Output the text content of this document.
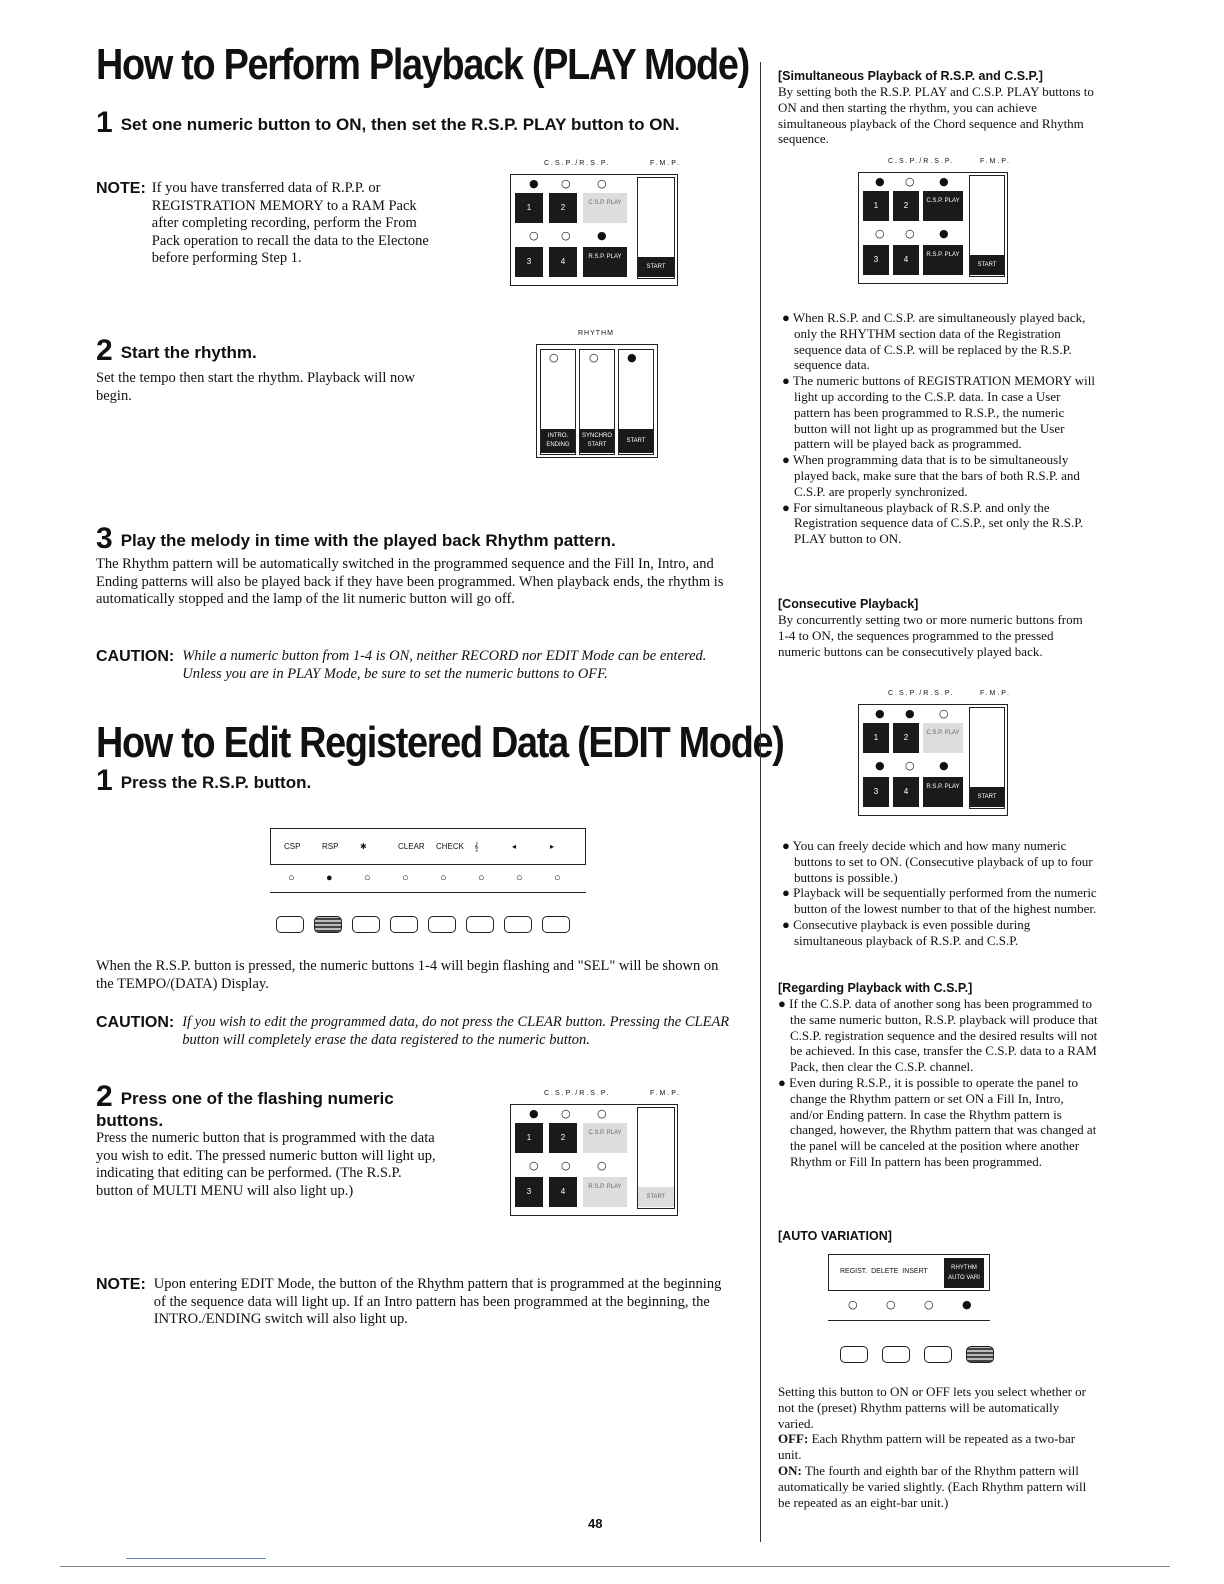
How to Perform Playback (PLAY Mode)
1 Set one numeric button to ON, then set the R.S.P. PLAY button to ON.
NOTE: If you have transferred data of R.P.P. or REGISTRATION MEMORY to a RAM Pack after completing recording, perform the From Pack operation to recall the data to the Electone before performing Step 1.
C.S.P./R.S.P.	F.M.P.
● ○ ○
1	2	C.S.P. PLAY
○ ○ ●
3	4	R.S.P. PLAY
START
2 Start the rhythm.
Set the tempo then start the rhythm. Playback will now begin.
RHYTHM
○	○	●
INTRO. ENDING
SYNCHRO START
START
3 Play the melody in time with the played back Rhythm pattern.
The Rhythm pattern will be automatically switched in the programmed sequence and the Fill In, Intro, and Ending patterns will also be played back if they have been programmed. When playback ends, the rhythm is automatically stopped and the lamp of the lit numeric button will go off.
CAUTION: While a numeric button from 1-4 is ON, neither RECORD nor EDIT Mode can be entered. Unless you are in PLAY Mode, be sure to set the numeric buttons to OFF.
How to Edit Registered Data (EDIT Mode)
1 Press the R.S.P. button.
CSP	RSP	✱	CLEAR CHECK 𝄞	◂	▸
○	●	○	○	○	○	○	○
When the R.S.P. button is pressed, the numeric buttons 1-4 will begin flashing and "SEL" will be shown on the TEMPO/(DATA) Display.
CAUTION: If you wish to edit the programmed data, do not press the CLEAR button. Pressing the CLEAR button will completely erase the data registered to the numeric button.
2 Press one of the flashing numeric buttons.
Press the numeric button that is programmed with the data you wish to edit. The pressed numeric button will light up, indicating that editing can be performed. (The R.S.P. button of MULTI MENU will also light up.)
C.S.P./R.S.P.	F.M.P.
● ○ ○
1	2	C.S.P. PLAY
○ ○ ○
3	4	R.S.P. PLAY
START
NOTE: Upon entering EDIT Mode, the button of the Rhythm pattern that is programmed at the beginning of the sequence data will light up. If an Intro pattern has been programmed at the beginning, the INTRO./ENDING switch will also light up.
48
[Simultaneous Playback of R.S.P. and C.S.P.]
By setting both the R.S.P. PLAY and C.S.P. PLAY buttons to ON and then starting the rhythm, you can achieve simultaneous playback of the Chord sequence and Rhythm sequence.
C.S.P./R.S.P.	F.M.P.
● ○ ●
1	2	C.S.P. PLAY
○ ○ ●
3	4	R.S.P. PLAY
START

● When R.S.P. and C.S.P. are simultaneously played back, only the RHYTHM section data of the Registration sequence data of C.S.P. will be replaced by the R.S.P. sequence data.

● The numeric buttons of REGISTRATION MEMORY will light up according to the C.S.P. data. In case a User pattern has been programmed to R.S.P., the numeric button will not light up as programmed but the User pattern will be played back as programmed.

● When programming data that is to be simultaneously played back, make sure that the bars of both R.S.P. and C.S.P. are properly synchronized.

● For simultaneous playback of R.S.P. and only the Registration sequence data of C.S.P., set only the R.S.P. PLAY button to ON.

[Consecutive Playback]
By concurrently setting two or more numeric buttons from 1-4 to ON, the sequences programmed to the pressed numeric buttons can be consecutively played back.
C.S.P./R.S.P.	F.M.P.
● ● ○
1	2	C.S.P. PLAY
● ○ ●
3	4	R.S.P. PLAY
START

● You can freely decide which and how many numeric buttons to set to ON. (Consecutive playback of up to four buttons is possible.)

● Playback will be sequentially performed from the numeric button of the lowest number to that of the highest number.

● Consecutive playback is even possible during simultaneous playback of R.S.P. and C.S.P.

[Regarding Playback with C.S.P.]

● If the C.S.P. data of another song has been programmed to the same numeric button, R.S.P. playback will produce that C.S.P. registration sequence and the desired results will not be achieved. In this case, transfer the C.S.P. data to a RAM Pack, then clear the C.S.P. channel.

● Even during R.S.P., it is possible to operate the panel to change the Rhythm pattern or set ON a Fill In, Intro, and/or Ending pattern. In case the Rhythm pattern is changed, however, the Rhythm pattern that was changed at the panel will be canceled at the position where another Rhythm or Fill In pattern has been programmed.

[AUTO VARIATION]
REGIST. DELETE INSERT	RHYTHM AUTO VARI
○	○	○	●

Setting this button to ON or OFF lets you select whether or not the (preset) Rhythm patterns will be automatically varied.
OFF: Each Rhythm pattern will be repeated as a two-bar unit.
ON: The fourth and eighth bar of the Rhythm pattern will automatically be varied slightly. (Each Rhythm pattern will be repeated as an eight-bar unit.)
